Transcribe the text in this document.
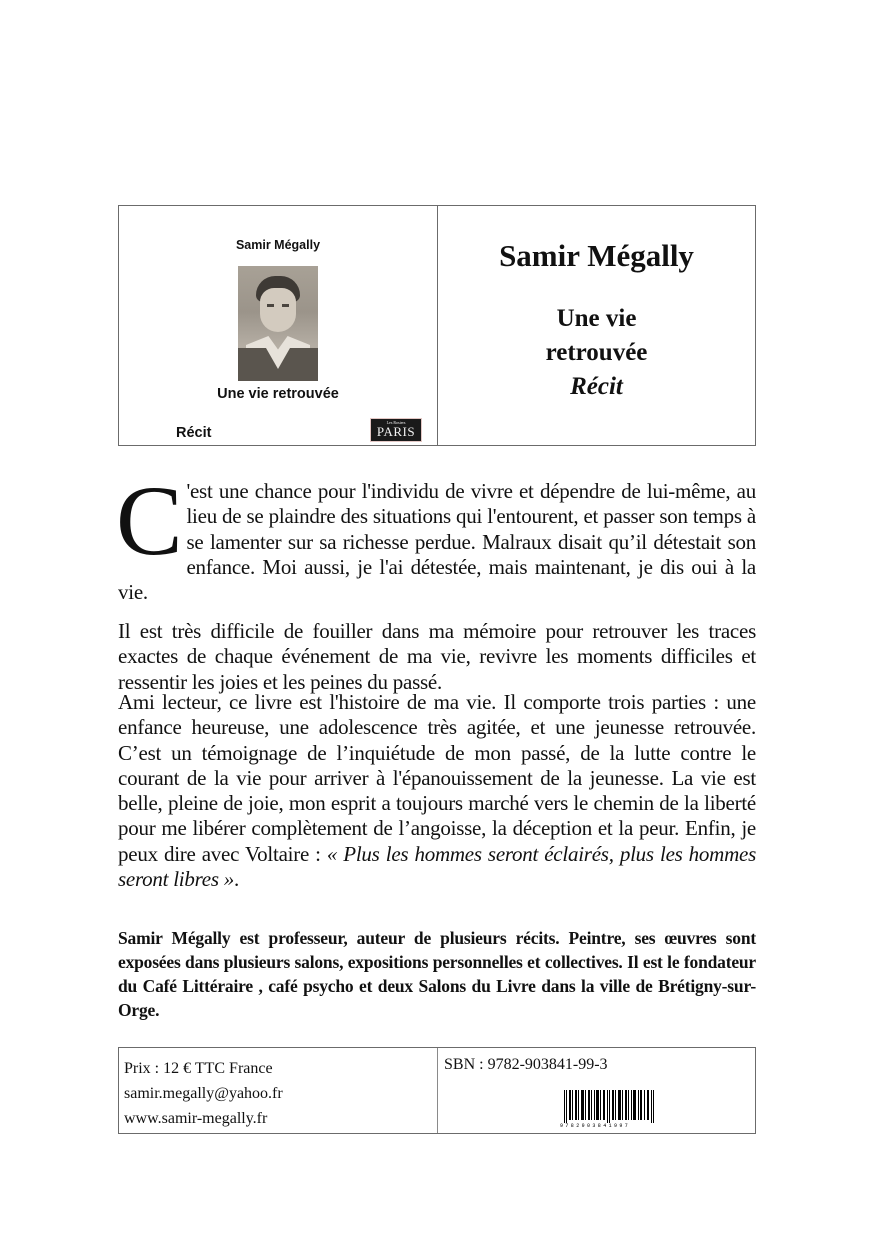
Samir Mégally
Une vie retrouvée
Récit
Les Rosiers
PARIS
Samir Mégally
Une vie
retrouvée
Récit
C 'est une chance pour l'individu de vivre et dépendre de lui-même, au lieu de se plaindre des situations qui l'entourent, et passer son temps à se lamenter sur sa richesse perdue. Malraux disait qu’il détestait son enfance. Moi aussi, je l'ai détestée, mais maintenant, je dis oui à la vie.
Il est très difficile de fouiller dans ma mémoire pour retrouver les traces exactes de chaque événement de ma vie, revivre les moments difficiles et ressentir les joies et les peines du passé.
Ami lecteur, ce livre est l'histoire de ma vie. Il comporte trois parties : une enfance heureuse, une adolescence très agitée, et une jeunesse retrouvée. C’est un témoignage de l’inquiétude de mon passé, de la lutte contre le courant de la vie pour arriver à l'épanouissement de la jeunesse. La vie est belle, pleine de joie, mon esprit a toujours marché vers le chemin de la liberté pour me libérer complètement de l’angoisse, la déception et la peur. Enfin, je peux dire avec Voltaire : « Plus les hommes seront éclairés, plus les hommes seront libres ».
Samir Mégally est professeur, auteur de plusieurs récits. Peintre, ses œuvres sont exposées dans plusieurs salons, expositions personnelles et collectives. Il est le fondateur du Café Littéraire , café psycho et deux Salons du Livre dans la ville de Brétigny-sur-Orge.
Prix : 12 € TTC France
samir.megally@yahoo.fr
www.samir-megally.fr
SBN : 9782-903841-99-3
9782903841997
